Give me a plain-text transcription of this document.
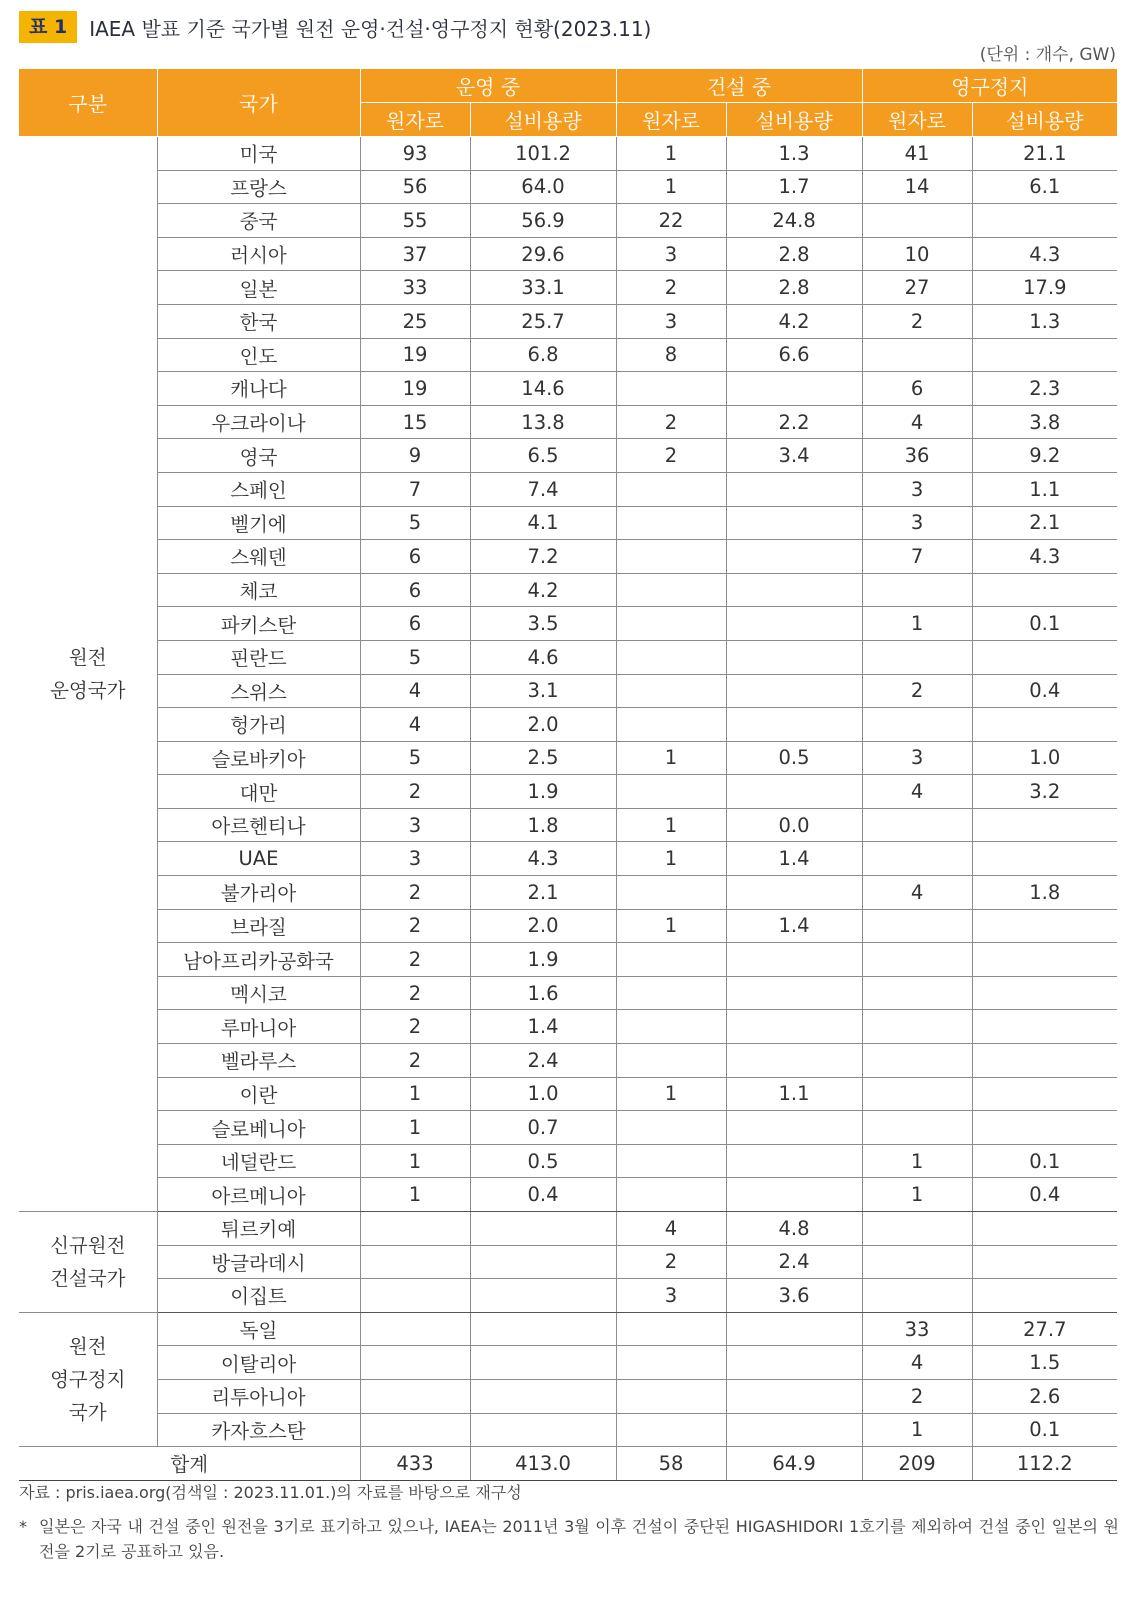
표 1	IAEA 발표 기준 국가별 원전 운영·건설·영구정지 현황(2023.11)
(단위 : 개수, GW)
구분	국가	운영 중		건설 중		영구정지	
		원자로	설비용량	원자로	설비용량	원자로	설비용량
원전
운영국가	미국	93	101.2	1	1.3	41	21.1
	프랑스	56	64.0	1	1.7	14	6.1
	중국	55	56.9	22	24.8		
	러시아	37	29.6	3	2.8	10	4.3
	일본	33	33.1	2	2.8	27	17.9
	한국	25	25.7	3	4.2	2	1.3
	인도	19	6.8	8	6.6		
	캐나다	19	14.6			6	2.3
	우크라이나	15	13.8	2	2.2	4	3.8
	영국	9	6.5	2	3.4	36	9.2
	스페인	7	7.4			3	1.1
	벨기에	5	4.1			3	2.1
	스웨덴	6	7.2			7	4.3
	체코	6	4.2				
	파키스탄	6	3.5			1	0.1
	핀란드	5	4.6				
	스위스	4	3.1			2	0.4
	헝가리	4	2.0				
	슬로바키아	5	2.5	1	0.5	3	1.0
	대만	2	1.9			4	3.2
	아르헨티나	3	1.8	1	0.0		
	UAE	3	4.3	1	1.4		
	불가리아	2	2.1			4	1.8
	브라질	2	2.0	1	1.4		
	남아프리카공화국	2	1.9				
	멕시코	2	1.6				
	루마니아	2	1.4				
	벨라루스	2	2.4				
	이란	1	1.0	1	1.1		
	슬로베니아	1	0.7				
	네덜란드	1	0.5			1	0.1
	아르메니아	1	0.4			1	0.4
신규원전
건설국가	튀르키예			4	4.8		
	방글라데시			2	2.4		
	이집트			3	3.6		
원전
영구정지
국가	독일					33	27.7
	이탈리아					4	1.5
	리투아니아					2	2.6
	카자흐스탄					1	0.1
합계		433	413.0	58	64.9	209	112.2
자료 : pris.iaea.org(검색일 : 2023.11.01.)의 자료를 바탕으로 재구성
* 일본은 자국 내 건설 중인 원전을 3기로 표기하고 있으나, IAEA는 2011년 3월 이후 건설이 중단된 HIGASHIDORI 1호기를 제외하여 건설 중인 일본의 원전을 2기로 공표하고 있음.
